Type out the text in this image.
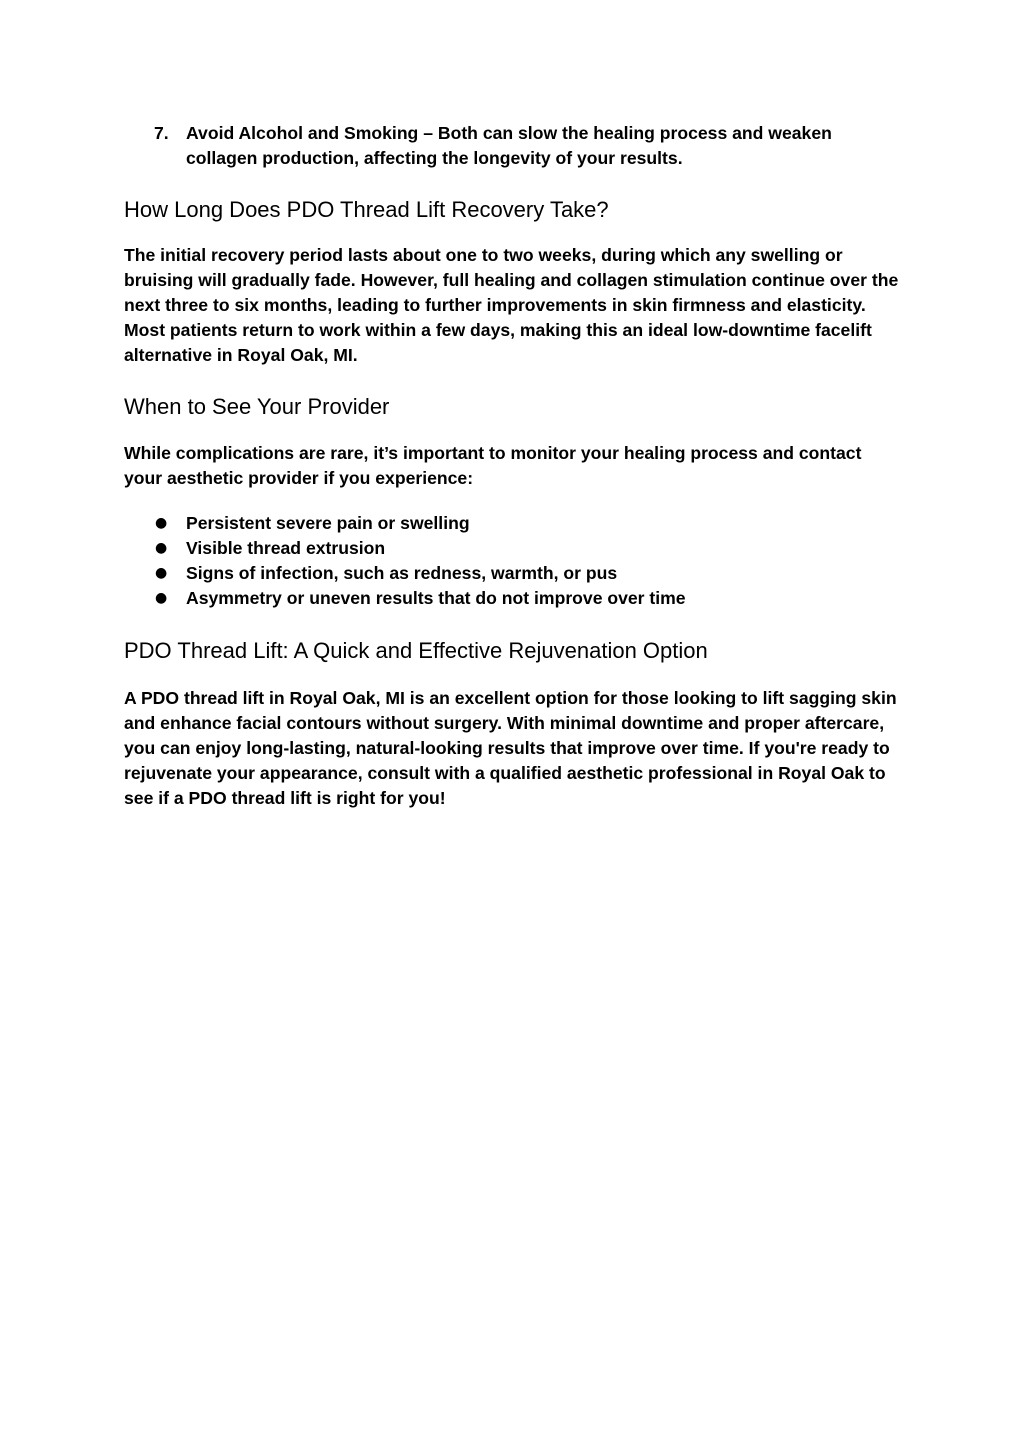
7. Avoid Alcohol and Smoking – Both can slow the healing process and weaken collagen production, affecting the longevity of your results.
How Long Does PDO Thread Lift Recovery Take?

The initial recovery period lasts about one to two weeks, during which any swelling or bruising will gradually fade. However, full healing and collagen stimulation continue over the next three to six months, leading to further improvements in skin firmness and elasticity. Most patients return to work within a few days, making this an ideal low-downtime facelift alternative in Royal Oak, MI.

When to See Your Provider

While complications are rare, it’s important to monitor your healing process and contact your aesthetic provider if you experience:

● Persistent severe pain or swelling
● Visible thread extrusion
● Signs of infection, such as redness, warmth, or pus
● Asymmetry or uneven results that do not improve over time
PDO Thread Lift: A Quick and Effective Rejuvenation Option

A PDO thread lift in Royal Oak, MI is an excellent option for those looking to lift sagging skin and enhance facial contours without surgery. With minimal downtime and proper aftercare, you can enjoy long-lasting, natural-looking results that improve over time. If you're ready to rejuvenate your appearance, consult with a qualified aesthetic professional in Royal Oak to see if a PDO thread lift is right for you!
